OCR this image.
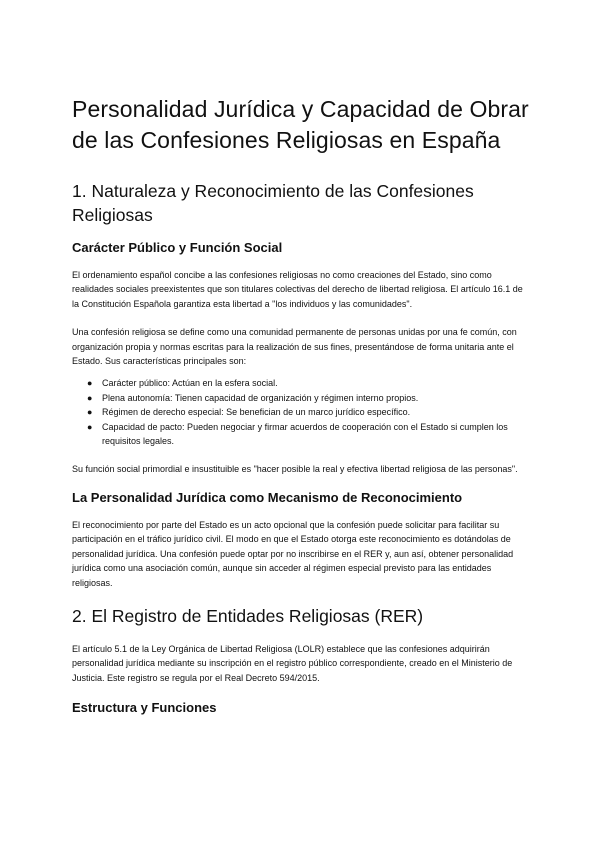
Personalidad Jurídica y Capacidad de Obrar de las Confesiones Religiosas en España
1. Naturaleza y Reconocimiento de las Confesiones Religiosas
Carácter Público y Función Social

El ordenamiento español concibe a las confesiones religiosas no como creaciones del Estado, sino como realidades sociales preexistentes que son titulares colectivas del derecho de libertad religiosa. El artículo 16.1 de la Constitución Española garantiza esta libertad a "los individuos y las comunidades".

Una confesión religiosa se define como una comunidad permanente de personas unidas por una fe común, con organización propia y normas escritas para la realización de sus fines, presentándose de forma unitaria ante el Estado. Sus características principales son:

● Carácter público: Actúan en la esfera social.
● Plena autonomía: Tienen capacidad de organización y régimen interno propios.
● Régimen de derecho especial: Se benefician de un marco jurídico específico.
● Capacidad de pacto: Pueden negociar y firmar acuerdos de cooperación con el Estado si cumplen los requisitos legales.

Su función social primordial e insustituible es "hacer posible la real y efectiva libertad religiosa de las personas".

La Personalidad Jurídica como Mecanismo de Reconocimiento

El reconocimiento por parte del Estado es un acto opcional que la confesión puede solicitar para facilitar su participación en el tráfico jurídico civil. El modo en que el Estado otorga este reconocimiento es dotándolas de personalidad jurídica. Una confesión puede optar por no inscribirse en el RER y, aun así, obtener personalidad jurídica como una asociación común, aunque sin acceder al régimen especial previsto para las entidades religiosas.

2. El Registro de Entidades Religiosas (RER)

El artículo 5.1 de la Ley Orgánica de Libertad Religiosa (LOLR) establece que las confesiones adquirirán personalidad jurídica mediante su inscripción en el registro público correspondiente, creado en el Ministerio de Justicia. Este registro se regula por el Real Decreto 594/2015.

Estructura y Funciones
